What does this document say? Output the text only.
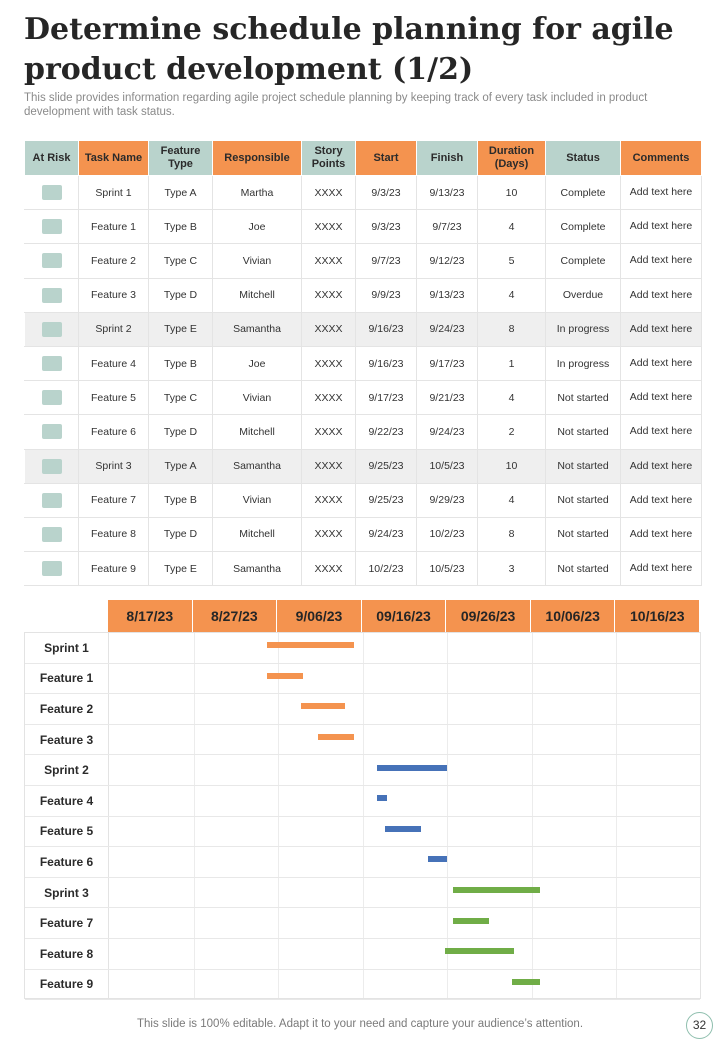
Determine schedule planning for agile
product development (1/2)
This slide provides information regarding agile project schedule planning by keeping track of every task included in product development with task status.
At Risk	Task Name	Feature Type	Responsible	Story Points	Start	Finish	Duration (Days)	Status	Comments
	Sprint 1	Type A	Martha	XXXX	9/3/23	9/13/23	10	Complete	Add text here
	Feature 1	Type B	Joe	XXXX	9/3/23	9/7/23	4	Complete	Add text here
	Feature 2	Type C	Vivian	XXXX	9/7/23	9/12/23	5	Complete	Add text here
	Feature 3	Type D	Mitchell	XXXX	9/9/23	9/13/23	4	Overdue	Add text here
	Sprint 2	Type E	Samantha	XXXX	9/16/23	9/24/23	8	In progress	Add text here
	Feature 4	Type B	Joe	XXXX	9/16/23	9/17/23	1	In progress	Add text here
	Feature 5	Type C	Vivian	XXXX	9/17/23	9/21/23	4	Not started	Add text here
	Feature 6	Type D	Mitchell	XXXX	9/22/23	9/24/23	2	Not started	Add text here
	Sprint 3	Type A	Samantha	XXXX	9/25/23	10/5/23	10	Not started	Add text here
	Feature 7	Type B	Vivian	XXXX	9/25/23	9/29/23	4	Not started	Add text here
	Feature 8	Type D	Mitchell	XXXX	9/24/23	10/2/23	8	Not started	Add text here
	Feature 9	Type E	Samantha	XXXX	10/2/23	10/5/23	3	Not started	Add text here
8/17/23	8/27/23	9/06/23	09/16/23	09/26/23	10/06/23	10/16/23
Sprint 1
Feature 1
Feature 2
Feature 3
Sprint 2
Feature 4
Feature 5
Feature 6
Sprint 3
Feature 7
Feature 8
Feature 9
This slide is 100% editable. Adapt it to your need and capture your audience’s attention.	32
